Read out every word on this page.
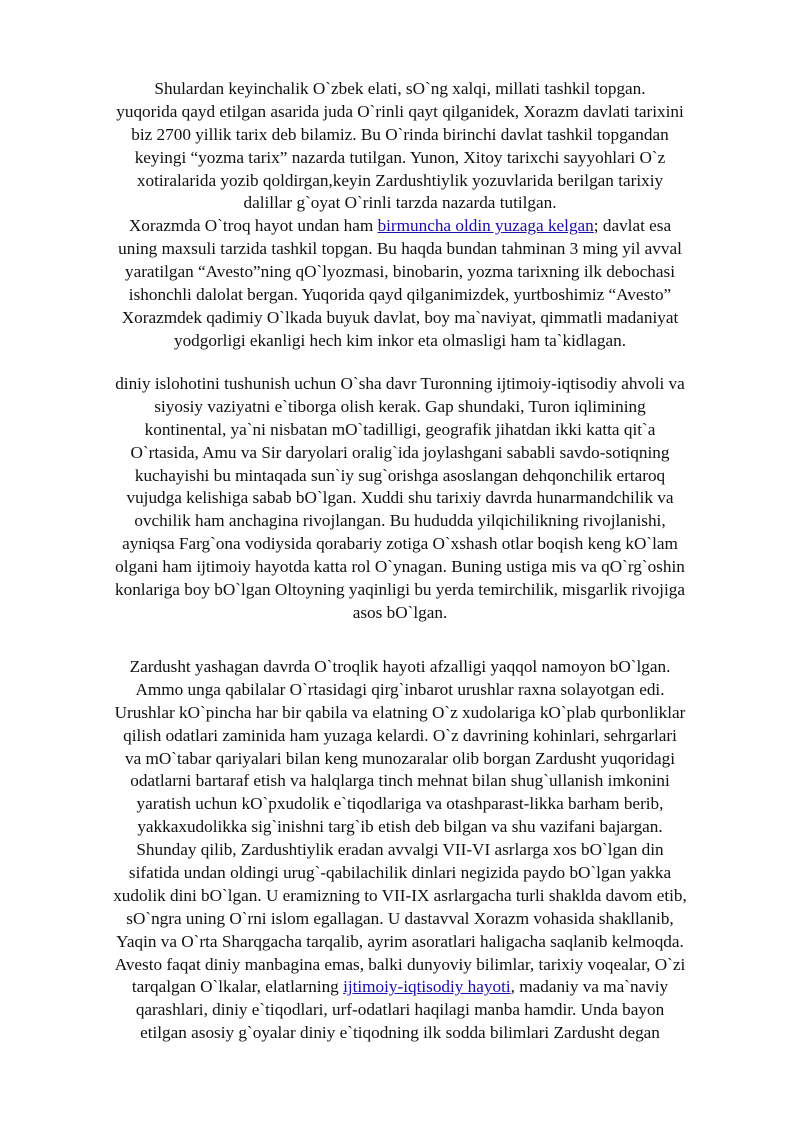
Shulardan keyinchalik O`zbek elati, sO`ng xalqi, millati tashkil topgan.
yuqorida qayd etilgan asarida juda O`rinli qayt qilganidek, Xorazm davlati tarixini
biz 2700 yillik tarix deb bilamiz. Bu O`rinda birinchi davlat tashkil topgandan
keyingi “yozma tarix” nazarda tutilgan. Yunon, Xitoy tarixchi sayyohlari O`z
xotiralarida yozib qoldirgan,keyin Zardushtiylik yozuvlarida berilgan tarixiy
dalillar g`oyat O`rinli tarzda nazarda tutilgan.
Xorazmda O`troq hayot undan ham birmuncha oldin yuzaga kelgan; davlat esa
uning maxsuli tarzida tashkil topgan. Bu haqda bundan tahminan 3 ming yil avval
yaratilgan “Avesto”ning qO`lyozmasi, binobarin, yozma tarixning ilk debochasi
ishonchli dalolat bergan. Yuqorida qayd qilganimizdek, yurtboshimiz “Avesto”
Xorazmdek qadimiy O`lkada buyuk davlat, boy ma`naviyat, qimmatli madaniyat
yodgorligi ekanligi hech kim inkor eta olmasligi ham ta`kidlagan.
diniy islohotini tushunish uchun O`sha davr Turonning ijtimoiy-iqtisodiy ahvoli va
siyosiy vaziyatni e`tiborga olish kerak. Gap shundaki, Turon iqlimining
kontinental, ya`ni nisbatan mO`tadilligi, geografik jihatdan ikki katta qit`a
O`rtasida, Amu va Sir daryolari oralig`ida joylashgani sababli savdo-sotiqning
kuchayishi bu mintaqada sun`iy sug`orishga asoslangan dehqonchilik ertaroq
vujudga kelishiga sabab bO`lgan. Xuddi shu tarixiy davrda hunarmandchilik va
ovchilik ham anchagina rivojlangan. Bu hududda yilqichilikning rivojlanishi,
ayniqsa Farg`ona vodiysida qorabariy zotiga O`xshash otlar boqish keng kO`lam
olgani ham ijtimoiy hayotda katta rol O`ynagan. Buning ustiga mis va qO`rg`oshin
konlariga boy bO`lgan Oltoyning yaqinligi bu yerda temirchilik, misgarlik rivojiga
asos bO`lgan.
Zardusht yashagan davrda O`troqlik hayoti afzalligi yaqqol namoyon bO`lgan.
Ammo unga qabilalar O`rtasidagi qirg`inbarot urushlar raxna solayotgan edi.
Urushlar kO`pincha har bir qabila va elatning O`z xudolariga kO`plab qurbonliklar
qilish odatlari zaminida ham yuzaga kelardi. O`z davrining kohinlari, sehrgarlari
va mO`tabar qariyalari bilan keng munozaralar olib borgan Zardusht yuqoridagi
odatlarni bartaraf etish va halqlarga tinch mehnat bilan shug`ullanish imkonini
yaratish uchun kO`pxudolik e`tiqodlariga va otashparast-likka barham berib,
yakkaxudolikka sig`inishni targ`ib etish deb bilgan va shu vazifani bajargan.
Shunday qilib, Zardushtiylik eradan avvalgi VII-VI asrlarga xos bO`lgan din
sifatida undan oldingi urug`-qabilachilik dinlari negizida paydo bO`lgan yakka
xudolik dini bO`lgan. U eramizning to VII-IX asrlargacha turli shaklda davom etib,
sO`ngra uning O`rni islom egallagan. U dastavval Xorazm vohasida shakllanib,
Yaqin va O`rta Sharqgacha tarqalib, ayrim asoratlari haligacha saqlanib kelmoqda.
Avesto faqat diniy manbagina emas, balki dunyoviy bilimlar, tarixiy voqealar, O`zi
tarqalgan O`lkalar, elatlarning ijtimoiy-iqtisodiy hayoti, madaniy va ma`naviy
qarashlari, diniy e`tiqodlari, urf-odatlari haqilagi manba hamdir. Unda bayon
etilgan asosiy g`oyalar diniy e`tiqodning ilk sodda bilimlari Zardusht degan
